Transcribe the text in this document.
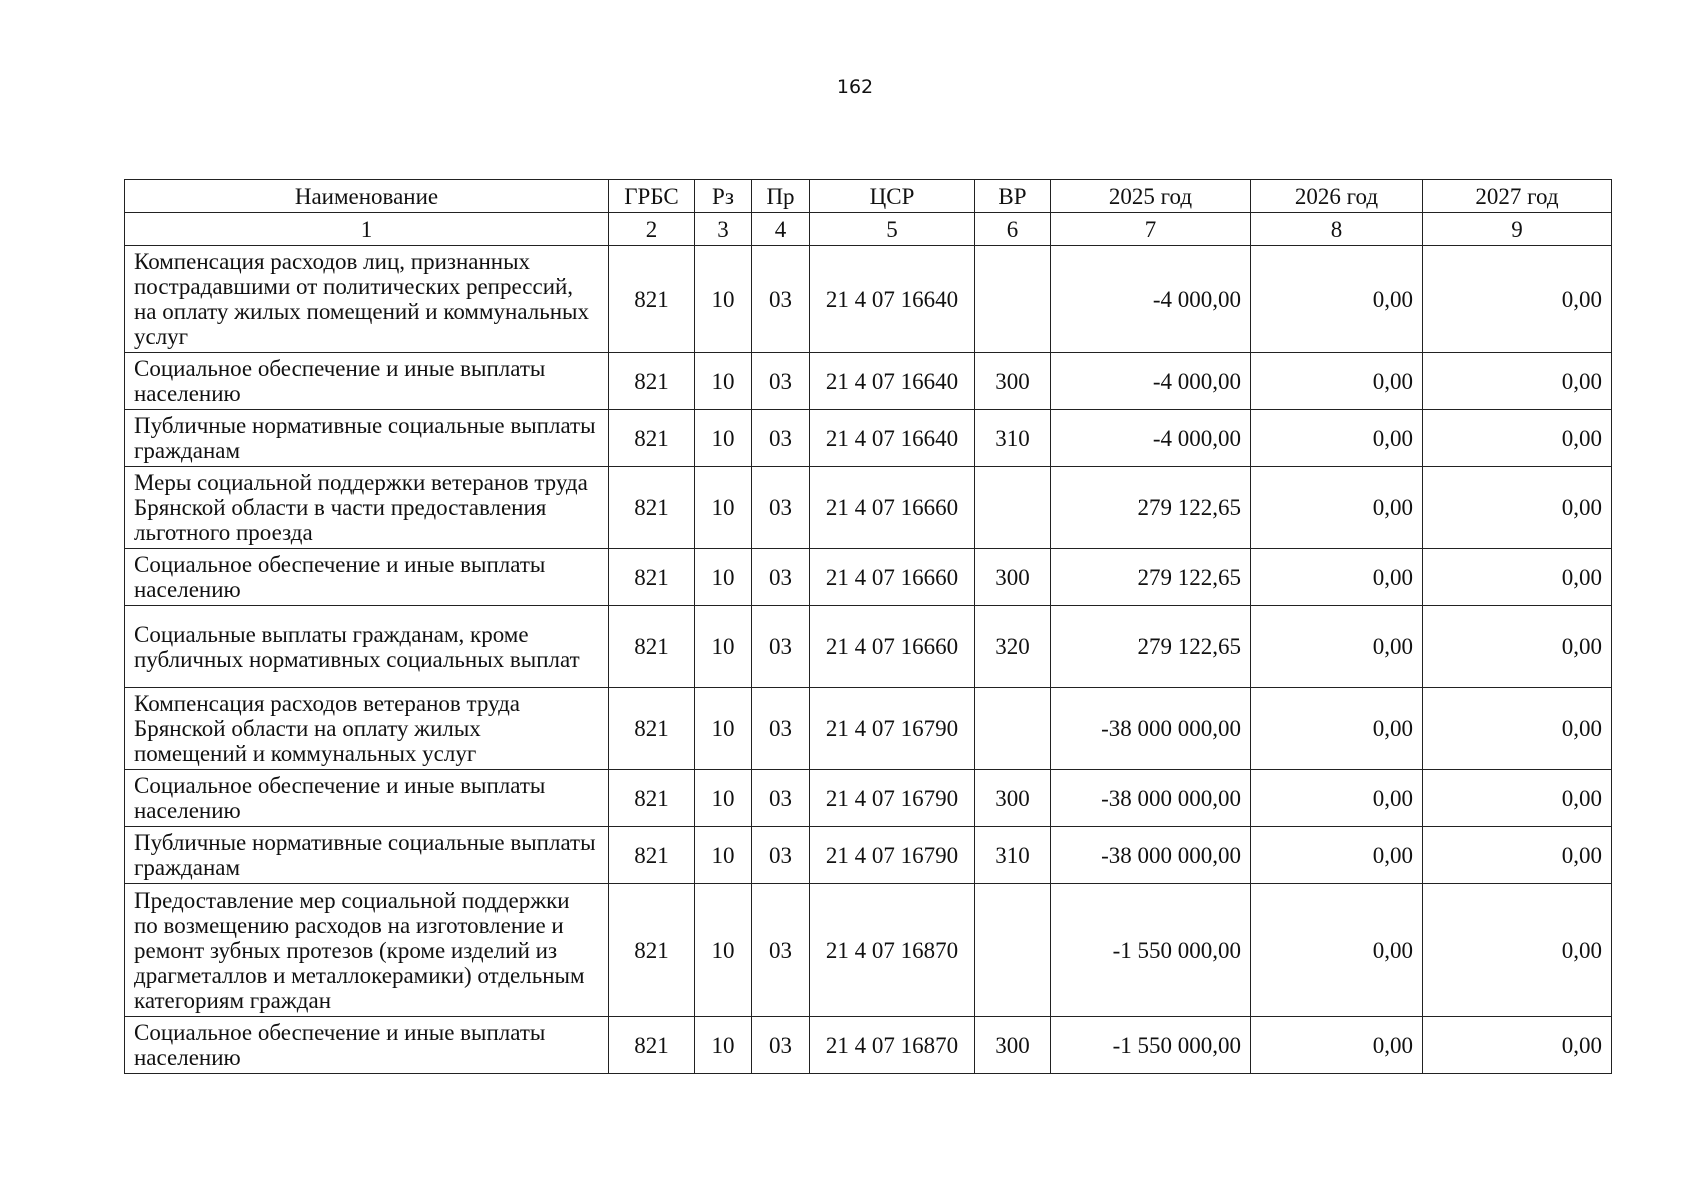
162
Наименование	ГРБС	Рз	Пр	ЦСР	ВР	2025 год	2026 год	2027 год
1	2	3	4	5	6	7	8	9
Компенсация расходов лиц, признанных пострадавшими от политических репрессий, на оплату жилых помещений и коммунальных услуг	821	10	03	21 4 07 16640		-4 000,00	0,00	0,00
Социальное обеспечение и иные выплаты населению	821	10	03	21 4 07 16640	300	-4 000,00	0,00	0,00
Публичные нормативные социальные выплаты гражданам	821	10	03	21 4 07 16640	310	-4 000,00	0,00	0,00
Меры социальной поддержки ветеранов труда Брянской области в части предоставления льготного проезда	821	10	03	21 4 07 16660		279 122,65	0,00	0,00
Социальное обеспечение и иные выплаты населению	821	10	03	21 4 07 16660	300	279 122,65	0,00	0,00
Социальные выплаты гражданам, кроме публичных нормативных социальных выплат	821	10	03	21 4 07 16660	320	279 122,65	0,00	0,00
Компенсация расходов ветеранов труда Брянской области на оплату жилых помещений и коммунальных услуг	821	10	03	21 4 07 16790		-38 000 000,00	0,00	0,00
Социальное обеспечение и иные выплаты населению	821	10	03	21 4 07 16790	300	-38 000 000,00	0,00	0,00
Публичные нормативные социальные выплаты гражданам	821	10	03	21 4 07 16790	310	-38 000 000,00	0,00	0,00
Предоставление мер социальной поддержки по возмещению расходов на изготовление и ремонт зубных протезов (кроме изделий из драгметаллов и металлокерамики) отдельным категориям граждан	821	10	03	21 4 07 16870		-1 550 000,00	0,00	0,00
Социальное обеспечение и иные выплаты населению	821	10	03	21 4 07 16870	300	-1 550 000,00	0,00	0,00
